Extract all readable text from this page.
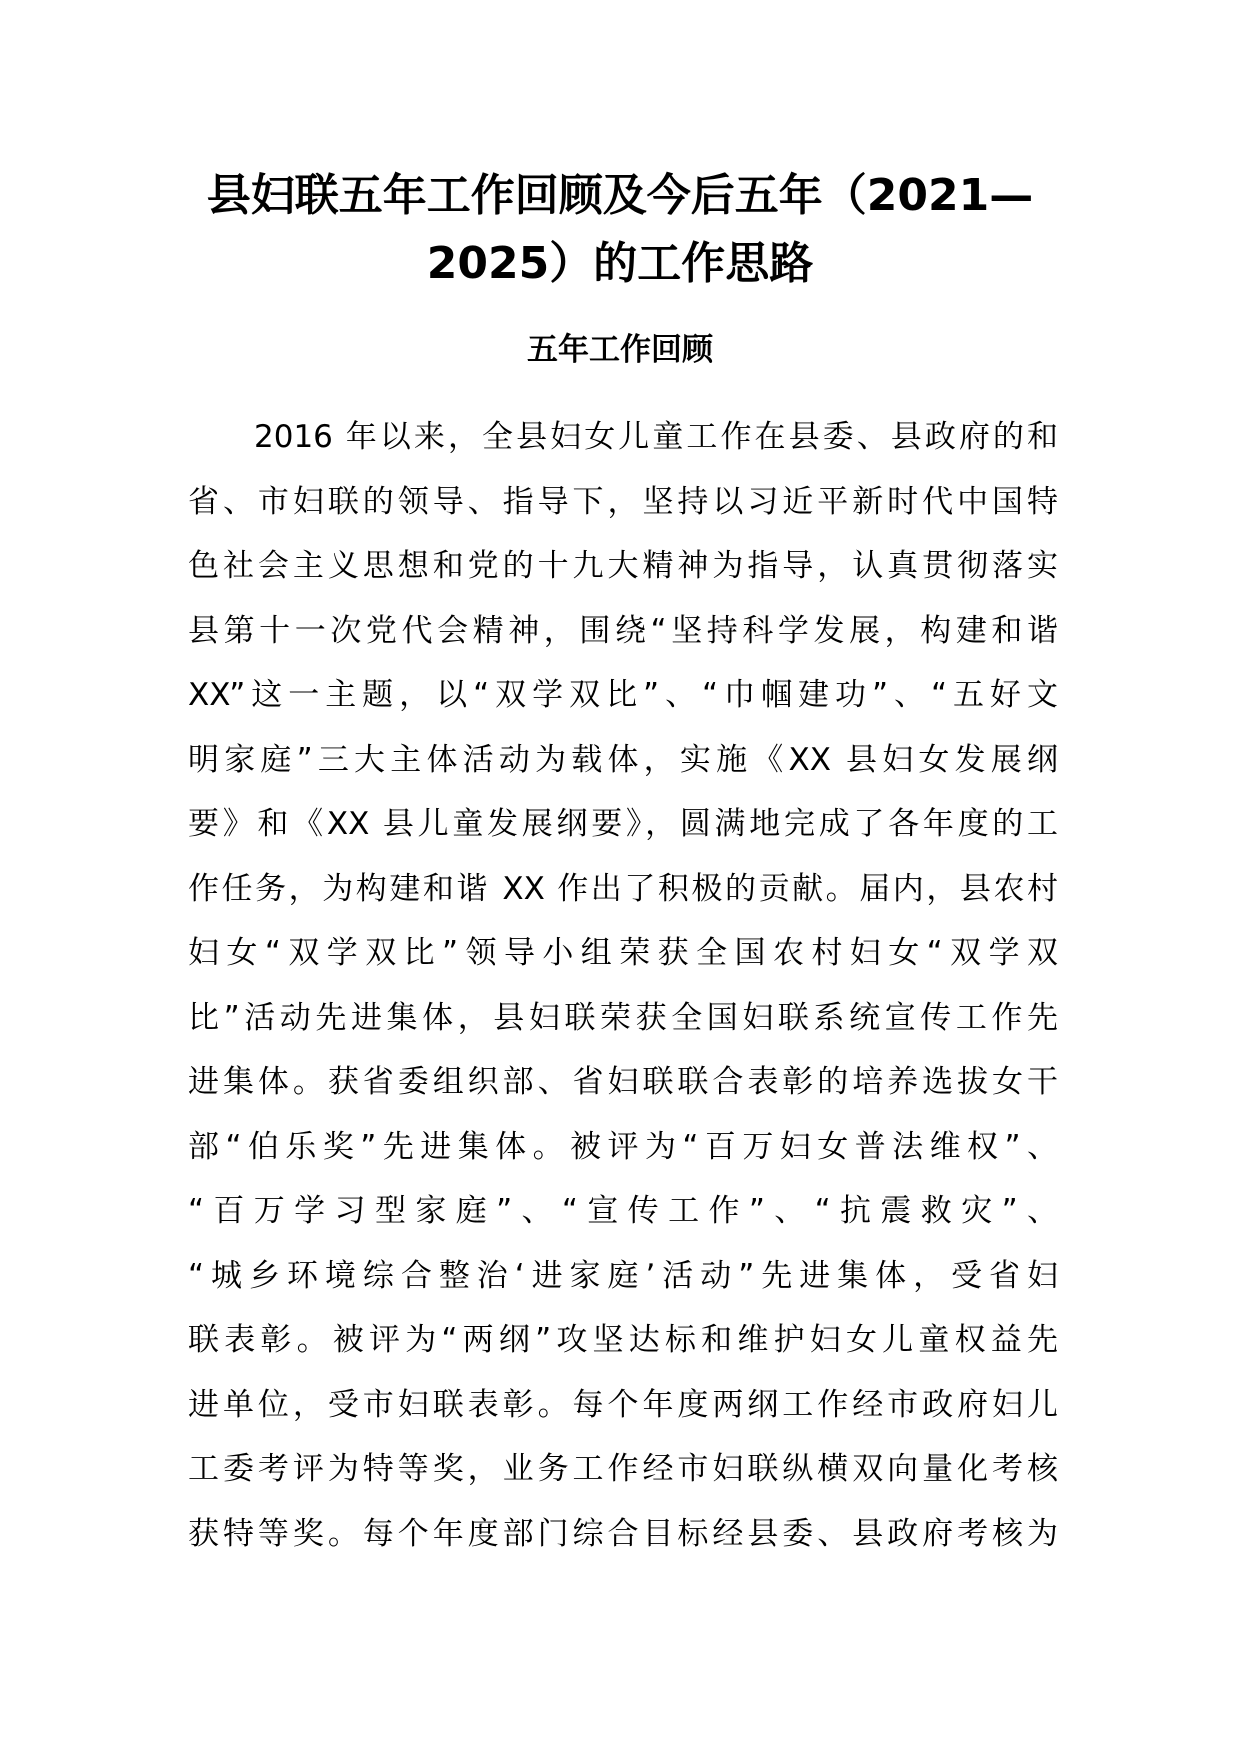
县妇联五年工作回顾及今后五年（2021—
2025）的工作思路
五年工作回顾
2016 年以来，全县妇女儿童工作在县委、县政府的和
省、市妇联的领导、指导下，坚持以习近平新时代中国特
色社会主义思想和党的十九大精神为指导，认真贯彻落实
县第十一次党代会精神，围绕“坚持科学发展，构建和谐
XX”这一主题，以“双学双比”、“巾帼建功”、“五好文
明家庭”三大主体活动为载体，实施《XX 县妇女发展纲
要》和《XX 县儿童发展纲要》，圆满地完成了各年度的工
作任务，为构建和谐 XX 作出了积极的贡献。届内，县农村
妇女“双学双比”领导小组荣获全国农村妇女“双学双
比”活动先进集体，县妇联荣获全国妇联系统宣传工作先
进集体。获省委组织部、省妇联联合表彰的培养选拔女干
部“伯乐奖”先进集体。被评为“百万妇女普法维权”、
“百万学习型家庭”、“宣传工作”、“抗震救灾”、
“城乡环境综合整治‘进家庭’活动”先进集体，受省妇
联表彰。被评为“两纲”攻坚达标和维护妇女儿童权益先
进单位，受市妇联表彰。每个年度两纲工作经市政府妇儿
工委考评为特等奖，业务工作经市妇联纵横双向量化考核
获特等奖。每个年度部门综合目标经县委、县政府考核为
